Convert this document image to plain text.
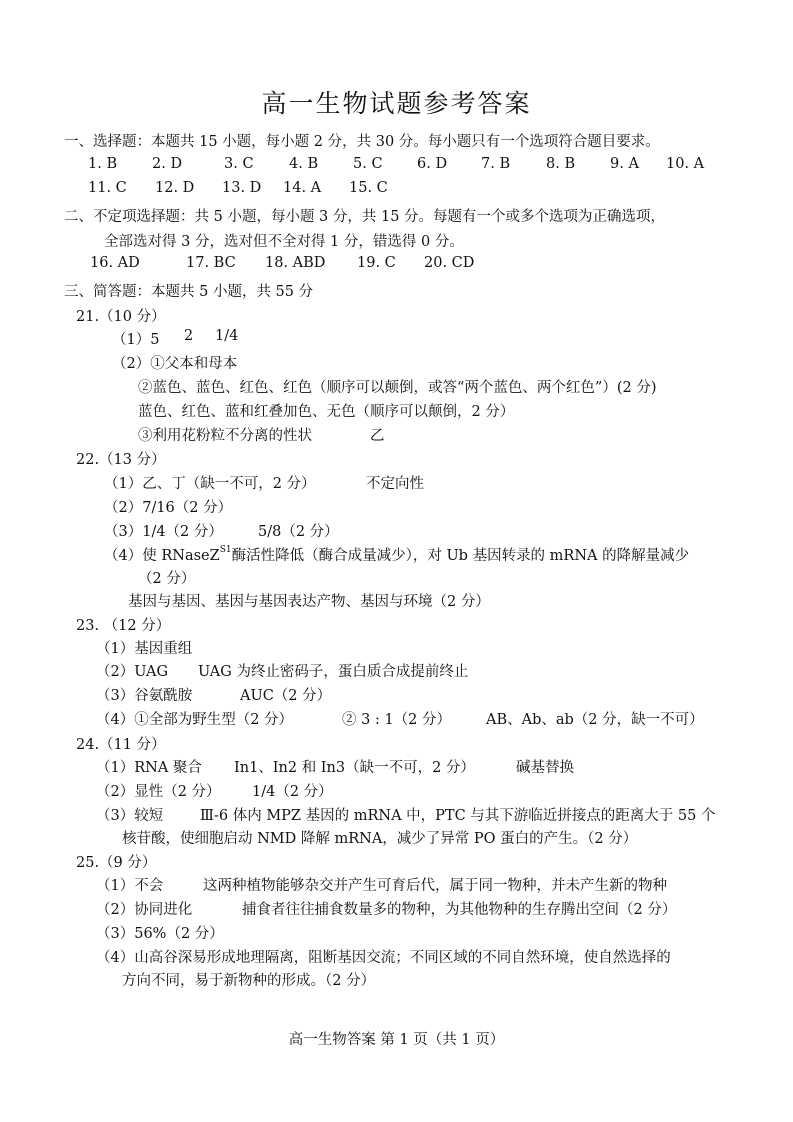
高一生物试题参考答案
一、选择题：本题共 15 小题，每小题 2 分，共 30 分。每小题只有一个选项符合题目要求。
1. B 2. D	3. C 4. B 5. C 6. D 7. B 8. B 9. A 10. A
11. C 12. D 13. D 14. A 15. C
二、不定项选择题：共 5 小题，每小题 3 分，共 15 分。每题有一个或多个选项为正确选项，
全部选对得 3 分，选对但不全对得 1 分，错选得 0 分。
16. AD	17. BC 18. ABD 19. C 20. CD
三、简答题：本题共 5 小题，共 55 分
21.（10 分）
（1）5 2 1/4
（2）①父本和母本
②蓝色、蓝色、红色、红色（顺序可以颠倒，或答“两个蓝色、两个红色”）(2 分)
蓝色、红色、蓝和红叠加色、无色（顺序可以颠倒，2 分）
③利用花粉粒不分离的性状	乙
22.（13 分）
（1）乙、丁（缺一不可，2 分）	不定向性
（2）7/16（2 分）
（3）1/4（2 分） 5/8（2 分）
（4）使 RNaseZ$^{S1}$酶活性降低（酶合成量减少），对 Ub 基因转录的 mRNA 的降解量减少
（2 分）
基因与基因、基因与基因表达产物、基因与环境（2 分）
23. （12 分）
（1）基因重组
（2）UAG UAG 为终止密码子，蛋白质合成提前终止
（3）谷氨酰胺	AUC（2 分）
（4）①全部为野生型（2 分）	② 3 : 1（2 分） AB、Ab、ab（2 分，缺一不可）
24.（11 分）
（1）RNA 聚合 In1、In2 和 In3（缺一不可，2 分）	碱基替换
（2）显性（2 分） 1/4（2 分）
（3）较短	Ⅲ-6 体内 MPZ 基因的 mRNA 中，PTC 与其下游临近拼接点的距离大于 55 个
核苷酸，使细胞启动 NMD 降解 mRNA，减少了异常 PO 蛋白的产生。（2 分）
25.（9 分）
（1）不会	这两种植物能够杂交并产生可育后代，属于同一物种，并未产生新的物种
（2）协同进化	捕食者往往捕食数量多的物种，为其他物种的生存腾出空间（2 分）
（3）56%（2 分）
（4）山高谷深易形成地理隔离，阻断基因交流；不同区域的不同自然环境，使自然选择的
方向不同，易于新物种的形成。（2 分）
高一生物答案 第 1 页（共 1 页）
